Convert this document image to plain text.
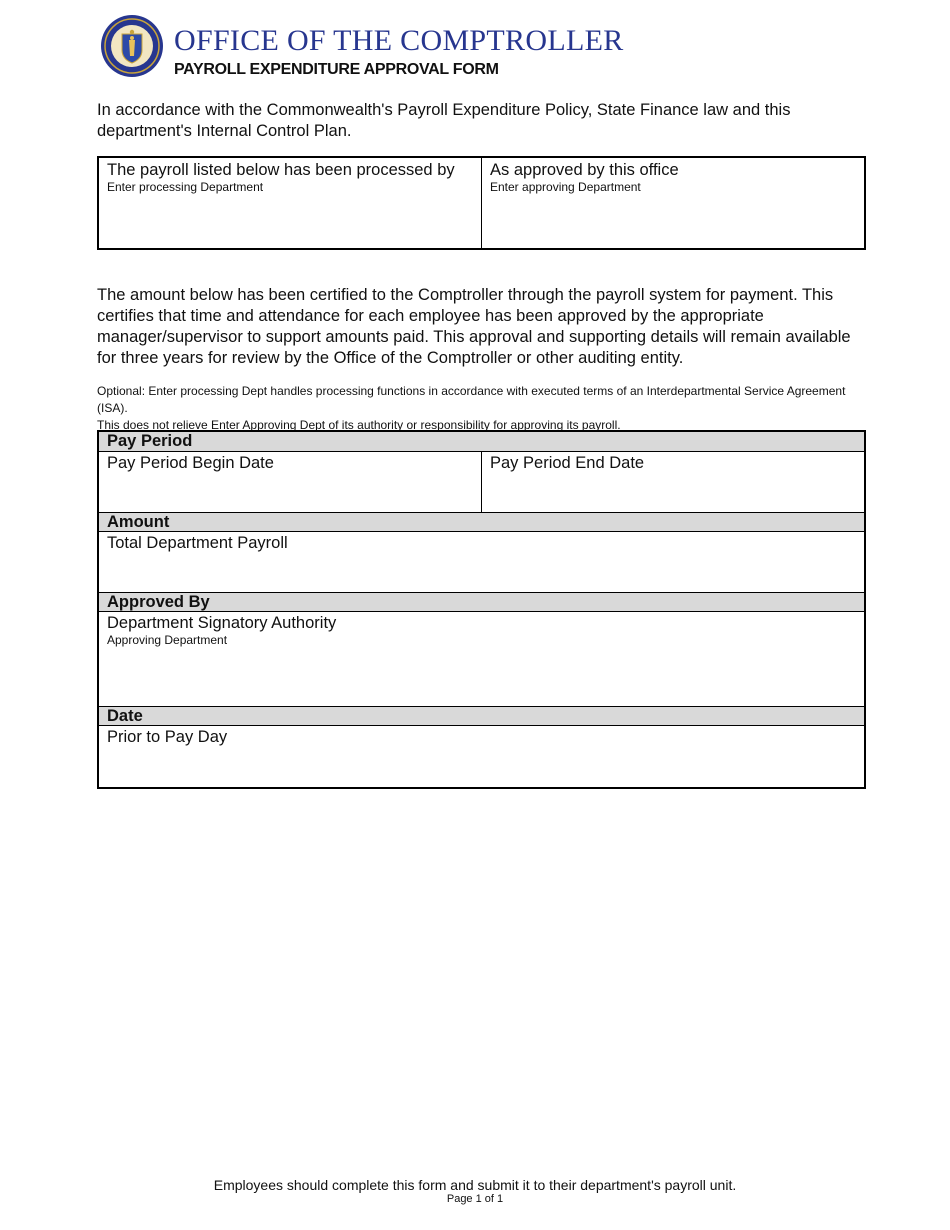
OFFICE OF THE COMPTROLLER
PAYROLL EXPENDITURE APPROVAL FORM
In accordance with the Commonwealth's Payroll Expenditure Policy, State Finance law and this department's Internal Control Plan.
The payroll listed below has been processed by
Enter processing Department
As approved by this office
Enter approving Department
The amount below has been certified to the Comptroller through the payroll system for payment. This certifies that time and attendance for each employee has been approved by the appropriate manager/supervisor to support amounts paid. This approval and supporting details will remain available for three years for review by the Office of the Comptroller or other auditing entity.
Optional: Enter processing Dept handles processing functions in accordance with executed terms of an Interdepartmental Service Agreement (ISA).
This does not relieve Enter Approving Dept of its authority or responsibility for approving its payroll.
Pay Period
Pay Period Begin Date	Pay Period End Date
Amount
Total Department Payroll
Approved By
Department Signatory Authority
Approving Department
Date
Prior to Pay Day
Employees should complete this form and submit it to their department's payroll unit.
Page 1 of 1
